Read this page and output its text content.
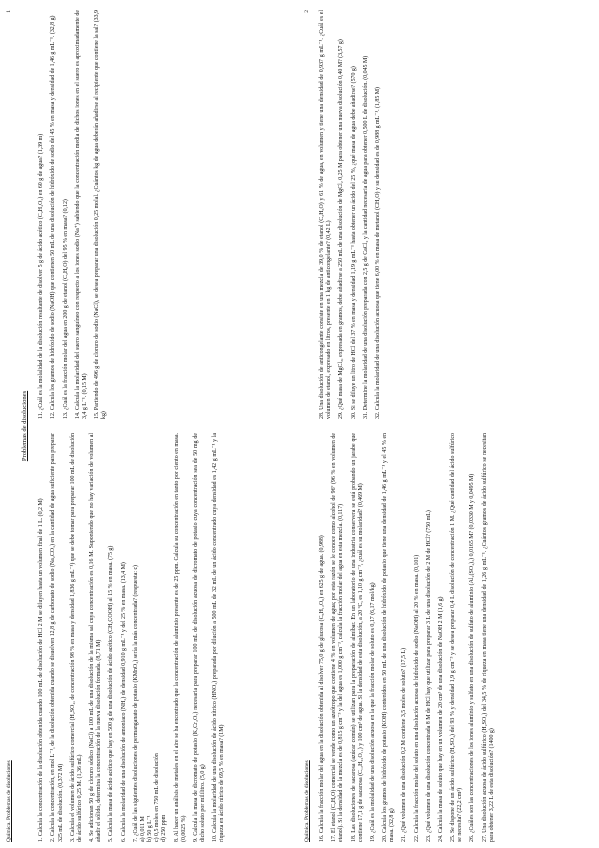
Química. Problemas de disoluciones
1
Problemas de disoluciones

1. Calcula la concentración de la disolución obtenida cuando 100 mL de disolución de HCl 2 M se diluyen hasta un volumen final de 1 L. (0,2 M) 2. Calcula la concentración, en mol L⁻¹, de la disolución obtenida cuando se disuelven 12,8 g de carbonato de sodio (Na₂CO₃) en la cantidad de agua suficiente para preparar 325 mL de disolución. (0,372 M) 3. Calcula el volumen de ácido sulfúrico comercial (H₂SO₄, de concentración 98 % en masa y densidad 1,836 g mL⁻¹) que se debe tomar para preparar 100 mL de disolución de ácido sulfúrico 0,25 M. (1,36 mL) 4. Se adicionan 50 g de cloruro sódico (NaCl) a 100 mL de una disolución de la misma sal cuya concentración es 0,16 M. Suponiendo que no hay variación de volumen al añadir el sólido, determina la concentración de la nueva disolución formada. (8,71 M) 5. Calcula la masa de ácido acético que hay en 500 g de una disolución de ácido acético (CH₃COOH) al 15 % en masa. (75 g) 6. Calcula la molaridad de una disolución de amoniaco (NH₃) de densidad 0,910 g mL⁻¹ y del 25 % en masa. (13,4 M) 7. ¿Cuál de las siguientes disoluciones de permanganato de potasio (KMnO₄) sería la más concentrada? (respuesta: c) a) 0,011 M b) 50 g L⁻¹ c) 0,5 moles en 750 mL de disolución d) 250 ppm 8. Al hacer un análisis de metales en el aire se ha encontrado que la concentración de aluminio presente es de 25 ppm. Calcula su concentración en tanto por ciento en masa. (0,0025 %) 9. Calcula la masa de dicromato de potasio (K₂Cr₂O₇) necesaria para preparar 100 mL de disolución acuosa de dicromato de potasio cuya concentración sea de 50 mg de dicho soluto por mililitro. (5,0 g) 10. Calcula la molaridad de una disolución de ácido nítrico (HNO₃) preparada por dilución a 500 mL de 32 mL de un ácido concentrado cuya densidad es 1,42 g mL⁻¹ y la riqueza en ácido nítrico de 69,5 % en masa? (1M)

11. ¿Cuál es la molalidad de la disolución resultante de disolver 5 g de ácido acético (C₂H₄O₂) en 60 g de agua? (1,39 m) 12. Calcula los gramos de hidróxido de sodio (NaOH) que contienen 50 mL de una disolución de hidróxido de sodio del 45 % en masa y densidad de 1,46 g mL⁻¹. (32,8 g) 13. ¿Cuál es la fracción molar del agua en 200 g de etanol (C₂H₆O) del 95 % en masa? (0,12) 14. Calcula la molaridad del suero sanguíneo con respecto a los iones sodio (Na⁺) sabiendo que la concentración media de dichos iones en el suero es aproximadamente de 3,4 g L⁻¹. (0,15 M) 15. Partiendo de 496 g de cloruro de sodio (NaCl), se desea preparar una disolución 0,25 molal. ¿Cuántos kg de agua deberán añadirse al recipiente que contiene la sal? (33,9 kg)

Química. Problemas de disoluciones
2

16. Calcula la fracción molar del agua en la disolución obtenida al disolver 75,0 g de glucosa (C₆H₁₂O₆) en 625 g de agua. (0,988) 17. El etanol (C₂H₆O) comercial se vende como un azeótropo que contiene 4 % en volumen de agua; por esta razón se le conoce como alcohol de 96º (96 % en volumen de etanol). Si la densidad de la mezcla es de 0,815 g cm⁻³ y la del agua es 1,000 g cm⁻³, calcula la fracción molar del agua en esta mezcla. (0,117) 18. Las disoluciones de sacarosa (azúcar común) se utilizan para la preparación de almíbar. En un laboratorio de una industria conservera se está probando un jarabe que contiene 17,1 g de sacarosa (C₁₂H₂₂O₁₁) y 100 cm³ de agua. Si la densidad de esta disolución, a 20 ºC, es 1,10 g cm⁻³, ¿cuál es su molaridad? (0,469 M) 19. ¿Cuál es la molalidad de una disolución acuosa en la que la fracción molar de soluto es 0,17 (6,17 mol/kg) 20. Calcula los gramos de hidróxido de potasio (KOH) contenidos en 50 mL de una disolución de hidróxido de potasio que tiene una densidad de 1,46 g mL⁻¹ y el 45 % en masa. (32,8 g) 21. ¿Qué volumen de una disolución 0,2 M contiene 3,5 moles de soluto? (17,5 L) 22. Calcula la fracción molar del soluto en una disolución acuosa de hidróxido de sodio (NaOH) al 20 % en masa. (0,101) 23. ¿Qué volumen de una disolución concentrada 8 M de HCl hay que utilizar para preparar 3 L de una disolución de 2 M de HCl? (750 mL) 24. Calcula la masa de soluto que hay en un volumen de 20 cm³ de una disolución de NaOH 2 M (1,6 g) 25. Se dispone de un ácido sulfúrico (H₂SO₄) del 93 % y densidad 1,9 g cm⁻³ y se desea preparar 0,4 L disolución de concentración 1 M. ¿Qué cantidad del ácido sulfúrico se necesita? (22,2 cm³) 26. ¿Cuáles son las concentraciones de los iones aluminio y sulfato en una disolución de sulfato de aluminio (Al₂(SO₄)₃) 0,0165 M? (0,0330 M y 0,0495 M) 27. Una disolución acuosa de ácido sulfúrico (H₂SO₄) del 34,5 % de riqueza en masa tiene una densidad de 1,26 g mL⁻¹. ¿Cuántos gramos de ácido sulfúrico se necesitan para obtener 3,22 L de esta disolución? (1400 g)

28. Una disolución de anticongelante consiste en una mezcla de 39,0 % de etanol (C₂H₆O) y 61 % de agua, en volumen y tiene una densidad de 0,937 g mL⁻¹. ¿Cuál es el volumen de etanol, expresado en litros, presente en 1 kg de anticongelante? (0,42 L) 29. ¿Qué masa de MgCl₂, expresada en gramos, debe añadirse a 250 mL de una disolución de MgCl₂ 0,25 M para obtener una nueva disolución 0,40 M? (3,57 g) 30. Si se diluye un litro de HCl del 37 % en masa y densidad 1,19 g mL⁻¹ hasta obtener un ácido del 25 %, ¿qué masa de agua debe añadirse? (570 g) 31. Determine la molaridad de una disolución preparada con 2,5 g de CaCl₂ y la cantidad necesaria de agua para obtener 0,500 L de disolución. (0,045 M) 32. Calcula la molaridad de una disolución acuosa que tiene 6,00 % en masa de metanol (CH₃O) y su densidad es de 0,988 g mL⁻¹. (1,85 M)
